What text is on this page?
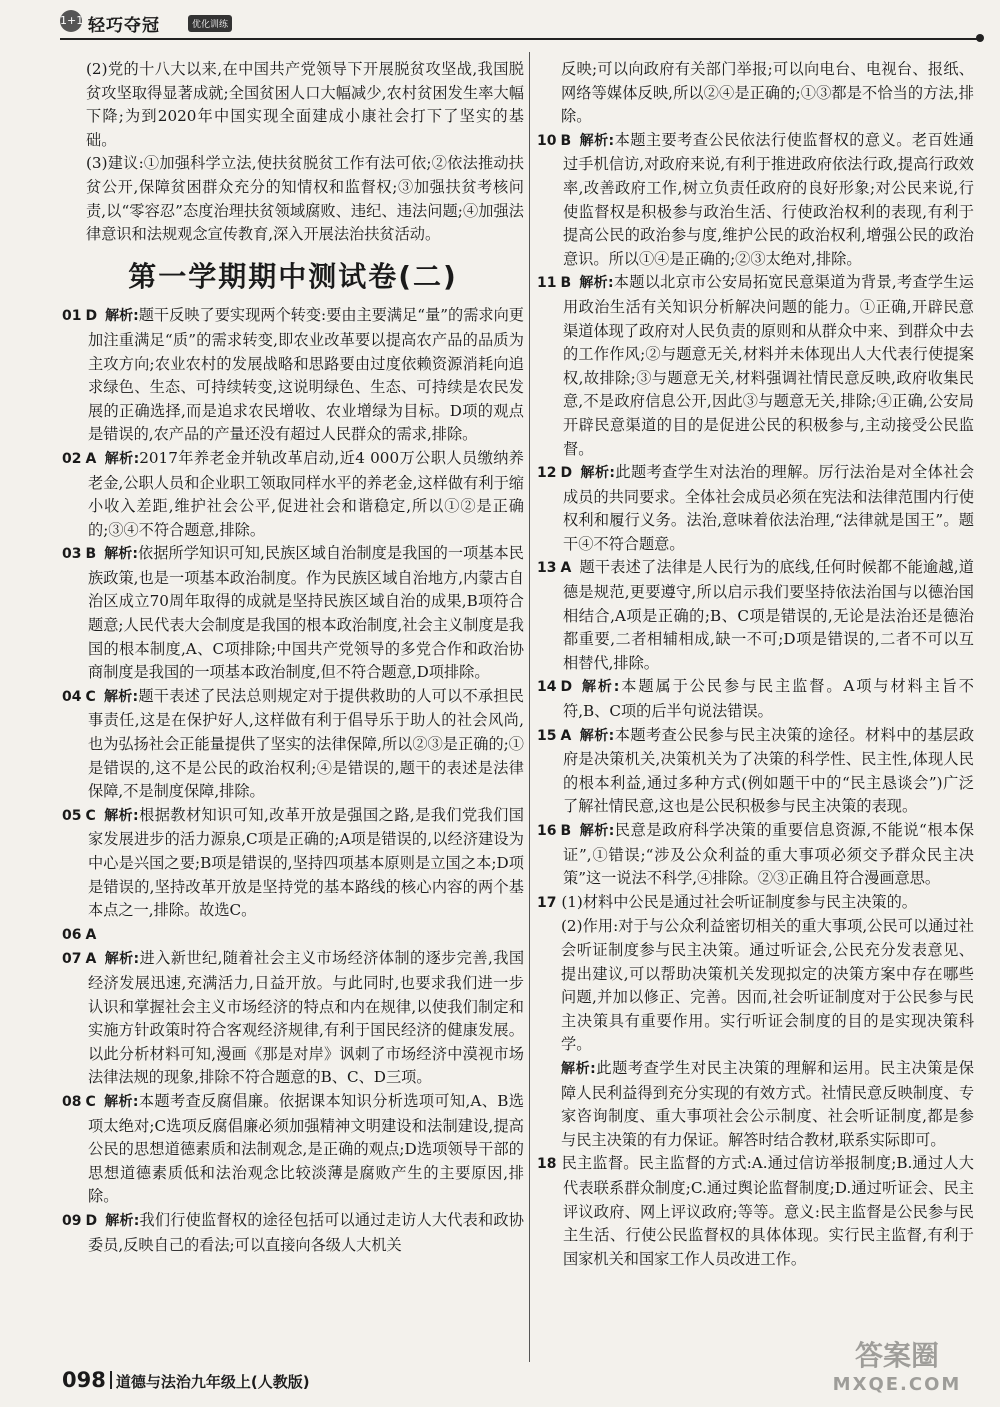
1+1 轻巧夺冠	优化训练

(2)党的十八大以来,在中国共产党领导下开展脱贫攻坚战,我国脱贫攻坚取得显著成就;全国贫困人口大幅减少,农村贫困发生率大幅下降;为到2020年中国实现全面建成小康社会打下了坚实的基础。

(3)建议:①加强科学立法,使扶贫脱贫工作有法可依;②依法推动扶贫公开,保障贫困群众充分的知情权和监督权;③加强扶贫考核问责,以“零容忍”态度治理扶贫领域腐败、违纪、违法问题;④加强法律意识和法规观念宣传教育,深入开展法治扶贫活动。

第一学期期中测试卷(二)

01 D 解析:题干反映了要实现两个转变:要由主要满足“量”的需求向更加注重满足“质”的需求转变,即农业改革要以提高农产品的品质为主攻方向;农业农村的发展战略和思路要由过度依赖资源消耗向追求绿色、生态、可持续转变,这说明绿色、生态、可持续是农民发展的正确选择,而是追求农民增收、农业增绿为目标。D项的观点是错误的,农产品的产量还没有超过人民群众的需求,排除。

02 A 解析:2017年养老金并轨改革启动,近4 000万公职人员缴纳养老金,公职人员和企业职工领取同样水平的养老金,这样做有利于缩小收入差距,维护社会公平,促进社会和谐稳定,所以①②是正确的;③④不符合题意,排除。

03 B 解析:依据所学知识可知,民族区域自治制度是我国的一项基本民族政策,也是一项基本政治制度。作为民族区域自治地方,内蒙古自治区成立70周年取得的成就是坚持民族区域自治的成果,B项符合题意;人民代表大会制度是我国的根本政治制度,社会主义制度是我国的根本制度,A、C项排除;中国共产党领导的多党合作和政治协商制度是我国的一项基本政治制度,但不符合题意,D项排除。

04 C 解析:题干表述了民法总则规定对于提供救助的人可以不承担民事责任,这是在保护好人,这样做有利于倡导乐于助人的社会风尚,也为弘扬社会正能量提供了坚实的法律保障,所以②③是正确的;①是错误的,这不是公民的政治权利;④是错误的,题干的表述是法律保障,不是制度保障,排除。

05 C 解析:根据教材知识可知,改革开放是强国之路,是我们党我们国家发展进步的活力源泉,C项是正确的;A项是错误的,以经济建设为中心是兴国之要;B项是错误的,坚持四项基本原则是立国之本;D项是错误的,坚持改革开放是坚持党的基本路线的核心内容的两个基本点之一,排除。故选C。

06 A

07 A 解析:进入新世纪,随着社会主义市场经济体制的逐步完善,我国经济发展迅速,充满活力,日益开放。与此同时,也要求我们进一步认识和掌握社会主义市场经济的特点和内在规律,以使我们制定和实施方针政策时符合客观经济规律,有利于国民经济的健康发展。以此分析材料可知,漫画《那是对岸》讽刺了市场经济中漠视市场法律法规的现象,排除不符合题意的B、C、D三项。

08 C 解析:本题考查反腐倡廉。依据课本知识分析选项可知,A、B选项太绝对;C选项反腐倡廉必须加强精神文明建设和法制建设,提高公民的思想道德素质和法制观念,是正确的观点;D选项领导干部的思想道德素质低和法治观念比较淡薄是腐败产生的主要原因,排除。

09 D 解析:我们行使监督权的途径包括可以通过走访人大代表和政协委员,反映自己的看法;可以直接向各级人大机关

反映;可以向政府有关部门举报;可以向电台、电视台、报纸、网络等媒体反映,所以②④是正确的;①③都是不恰当的方法,排除。

10 B 解析:本题主要考查公民依法行使监督权的意义。老百姓通过手机信访,对政府来说,有利于推进政府依法行政,提高行政效率,改善政府工作,树立负责任政府的良好形象;对公民来说,行使监督权是积极参与政治生活、行使政治权利的表现,有利于提高公民的政治参与度,维护公民的政治权利,增强公民的政治意识。所以①④是正确的;②③太绝对,排除。

11 B 解析:本题以北京市公安局拓宽民意渠道为背景,考查学生运用政治生活有关知识分析解决问题的能力。①正确,开辟民意渠道体现了政府对人民负责的原则和从群众中来、到群众中去的工作作风;②与题意无关,材料并未体现出人大代表行使提案权,故排除;③与题意无关,材料强调社情民意反映,政府收集民意,不是政府信息公开,因此③与题意无关,排除;④正确,公安局开辟民意渠道的目的是促进公民的积极参与,主动接受公民监督。

12 D 解析:此题考查学生对法治的理解。厉行法治是对全体社会成员的共同要求。全体社会成员必须在宪法和法律范围内行使权利和履行义务。法治,意味着依法治理,“法律就是国王”。题干④不符合题意。

13 A 题干表述了法律是人民行为的底线,任何时候都不能逾越,道德是规范,更要遵守,所以启示我们要坚持依法治国与以德治国相结合,A项是正确的;B、C项是错误的,无论是法治还是德治都重要,二者相辅相成,缺一不可;D项是错误的,二者不可以互相替代,排除。

14 D 解析:本题属于公民参与民主监督。A项与材料主旨不符,B、C项的后半句说法错误。

15 A 解析:本题考查公民参与民主决策的途径。材料中的基层政府是决策机关,决策机关为了决策的科学性、民主性,体现人民的根本利益,通过多种方式(例如题干中的“民主恳谈会”)广泛了解社情民意,这也是公民积极参与民主决策的表现。

16 B 解析:民意是政府科学决策的重要信息资源,不能说“根本保证”,①错误;“涉及公众利益的重大事项必须交予群众民主决策”这一说法不科学,④排除。②③正确且符合漫画意思。

17 (1)材料中公民是通过社会听证制度参与民主决策的。

(2)作用:对于与公众利益密切相关的重大事项,公民可以通过社会听证制度参与民主决策。通过听证会,公民充分发表意见、提出建议,可以帮助决策机关发现拟定的决策方案中存在哪些问题,并加以修正、完善。因而,社会听证制度对于公民参与民主决策具有重要作用。实行听证会制度的目的是实现决策科学。

解析:此题考查学生对民主决策的理解和运用。民主决策是保障人民利益得到充分实现的有效方式。社情民意反映制度、专家咨询制度、重大事项社会公示制度、社会听证制度,都是参与民主决策的有力保证。解答时结合教材,联系实际即可。

18 民主监督。民主监督的方式:A.通过信访举报制度;B.通过人大代表联系群众制度;C.通过舆论监督制度;D.通过听证会、民主评议政府、网上评议政府;等等。意义:民主监督是公民参与民主生活、行使公民监督权的具体体现。实行民主监督,有利于国家机关和国家工作人员改进工作。

098 道德与法治九年级上(人教版)
答案圈
MXQE.COM
